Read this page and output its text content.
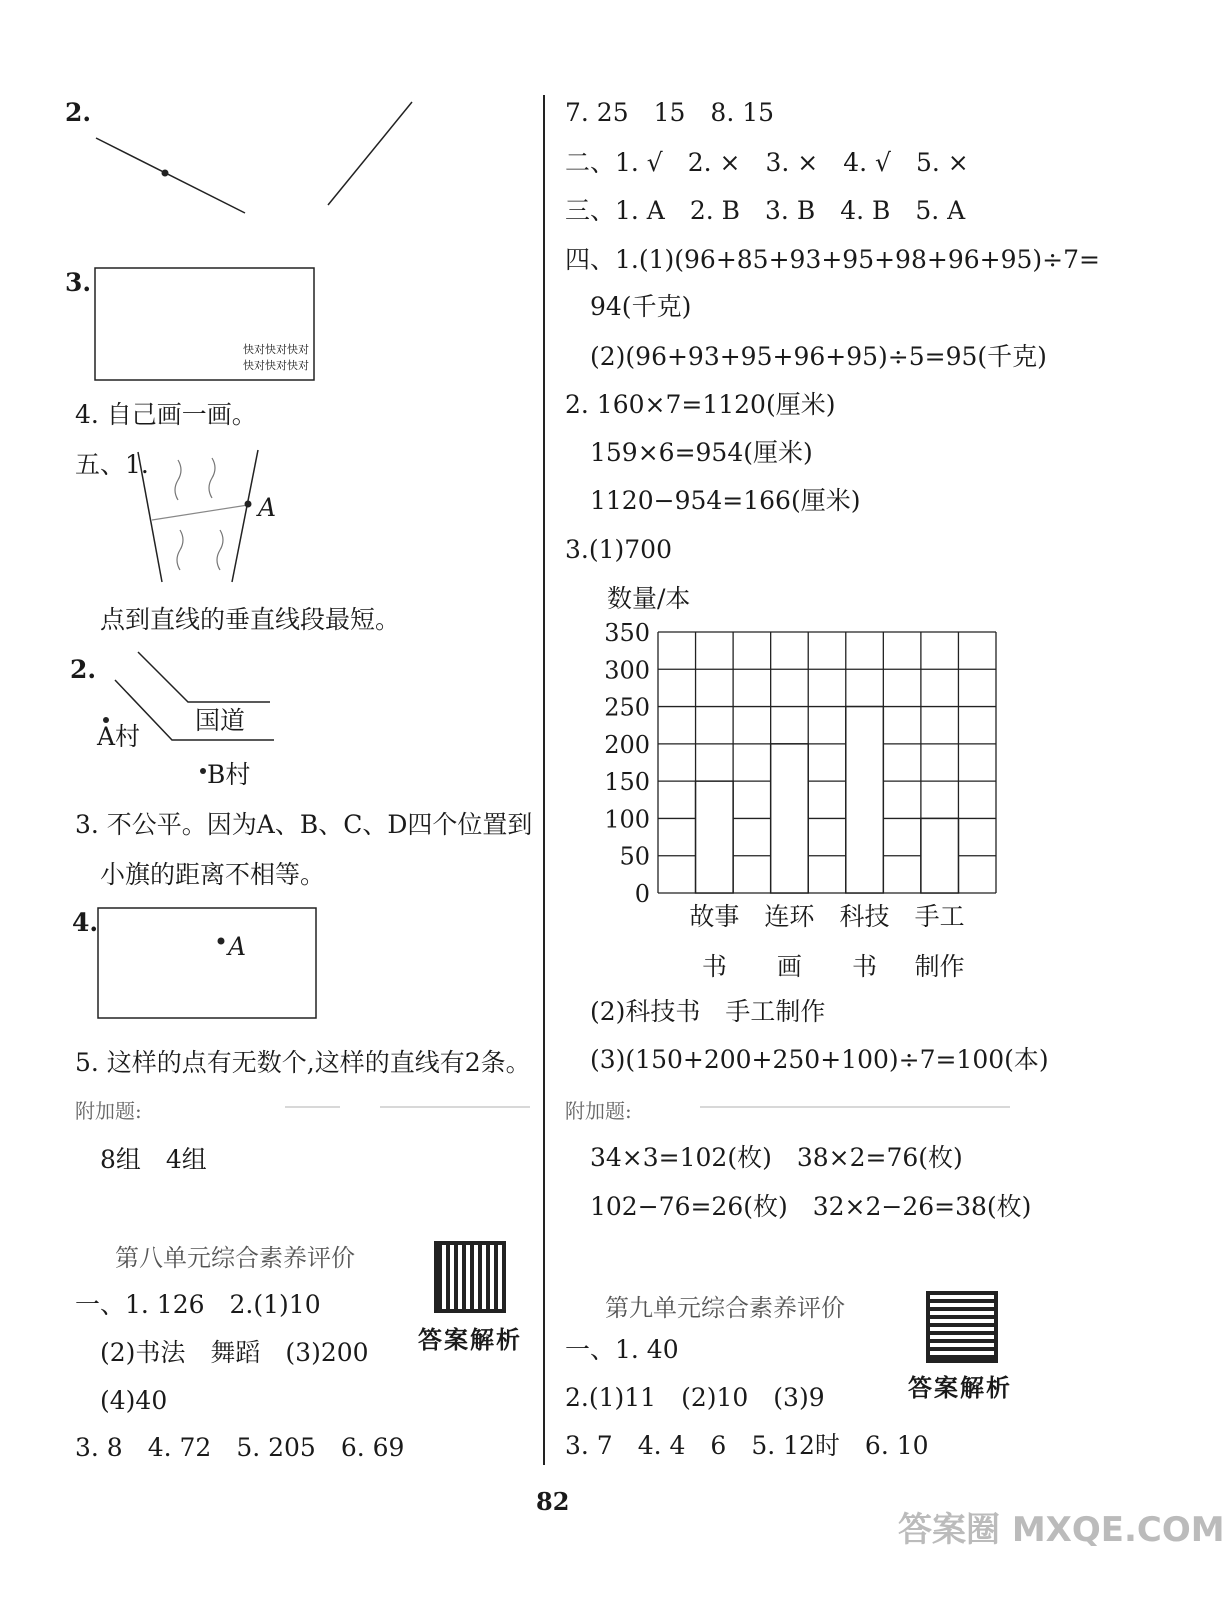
2.
3.
快对快对快对
快对快对快对
4. 自己画一画。
五、1.
A
点到直线的垂直线段最短。
2.
国道
A村
B村
3. 不公平。因为A、B、C、D四个位置到
小旗的距离不相等。
4.
A
5. 这样的点有无数个,这样的直线有2条。
附加题:
8组　4组
第八单元综合素养评价
答案解析
一、1. 126　2.(1)10
(2)书法　舞蹈　(3)200
(4)40
3. 8　4. 72　5. 205　6. 69
7. 25　15　8. 15
二、1. √　2. ×　3. ×　4. √　5. ×
三、1. A　2. B　3. B　4. B　5. A
四、1.(1)(96+85+93+95+98+96+95)÷7=
94(千克)
(2)(96+93+95+96+95)÷5=95(千克)
2. 160×7=1120(厘米)
159×6=954(厘米)
1120−954=166(厘米)
3.(1)700
数量/本
350
300
250
200
150
100
50
0
故事
书
连环
画
科技
书
手工
制作
(2)科技书　手工制作
(3)(150+200+250+100)÷7=100(本)
附加题:
34×3=102(枚)　38×2=76(枚)
102−76=26(枚)　32×2−26=38(枚)
第九单元综合素养评价
答案解析
一、1. 40
2.(1)11　(2)10　(3)9
3. 7　4. 4　6　5. 12时　6. 10
82
答案圈 MXQE.COM
